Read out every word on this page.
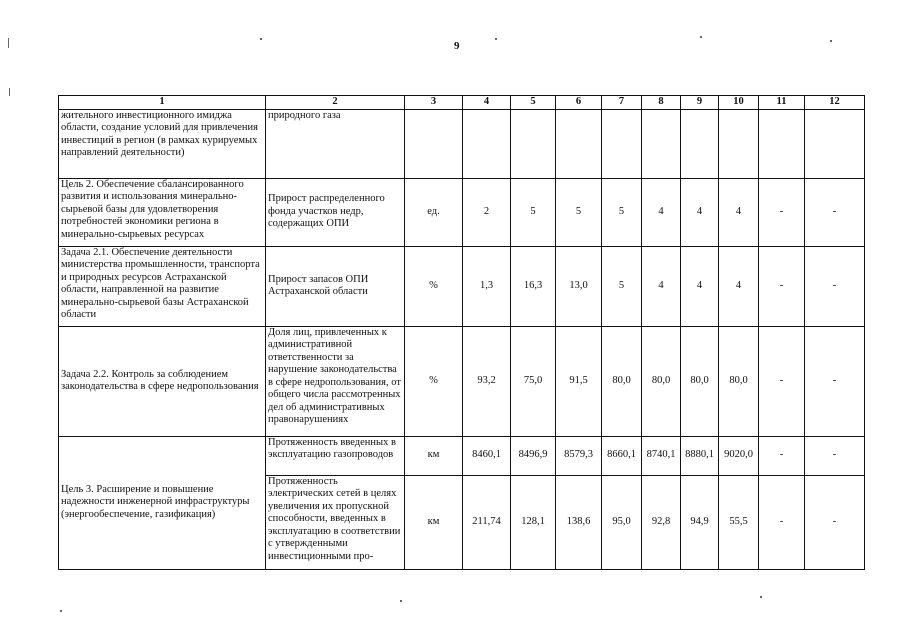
9
1	2	3	4	5	6	7	8	9	10	11	12
жительного инвестиционного имиджа области, создание условий для привлечения инвестиций в регион (в рамках курируемых направлений деятельности)	природного газа										
Цель 2. Обеспечение сбалансированного развития и использования минерально-сырьевой базы для удовлетворения потребностей экономики региона в минерально-сырьевых ресурсах	Прирост распределенного фонда участков недр, содержащих ОПИ	ед.	2	5	5	5	4	4	4	-	-
Задача 2.1. Обеспечение деятельности министерства промышленности, транспорта и природных ресурсов Астраханской области, направленной на развитие минерально-сырьевой базы Астраханской области	Прирост запасов ОПИ Астраханской области	%	1,3	16,3	13,0	5	4	4	4	-	-
Задача 2.2. Контроль за соблюдением законодательства в сфере недропользования	Доля лиц, привлеченных к административной ответственности за нарушение законодательства в сфере недропользования, от общего числа рассмотренных дел об административных правонарушениях	%	93,2	75,0	91,5	80,0	80,0	80,0	80,0	-	-
Цель 3. Расширение и повышение надежности инженерной инфраструктуры (энергообеспечение, газификация)	Протяженность введенных в эксплуатацию газопроводов	км	8460,1	8496,9	8579,3	8660,1	8740,1	8880,1	9020,0	-	-
	Протяженность электрических сетей в целях увеличения их пропускной способности, введенных в эксплуатацию в соответствии с утвержденными инвестиционными про-	км	211,74	128,1	138,6	95,0	92,8	94,9	55,5	-	-
